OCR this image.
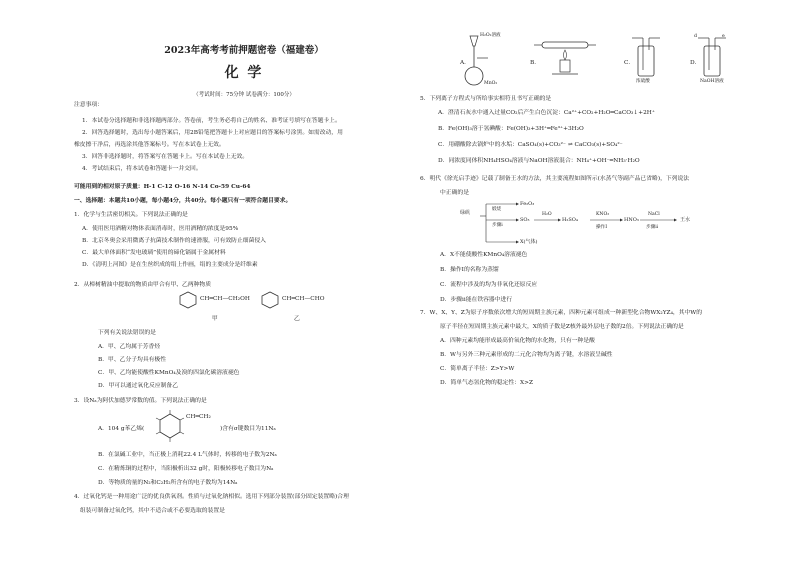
2023年高考考前押题密卷（福建卷）
化 学
（考试时间：75分钟 试卷满分：100分）
注意事项：
1．本试卷分选择题和非选择题两部分。答卷前，考生务必将自己的姓名、准考证号填写在答题卡上。
2．回答选择题时，选出每小题答案后，用2B铅笔把答题卡上对应题目的答案标号涂黑。如需改动，用
橡皮擦干净后，再选涂其他答案标号。写在本试卷上无效。
3．回答非选择题时，将答案写在答题卡上。写在本试卷上无效。
4．考试结束后，将本试卷和答题卡一并交回。
可能用到的相对原子质量：H-1 C-12 O-16 N-14 Co-59 Cu-64
一、选择题：本题共10小题，每小题4分，共40分。每小题只有一项符合题目要求。
1．化学与生活密切相关。下列说法正确的是
A．使用医用酒精对物体表面消毒时，医用酒精的浓度是95%
B．北京冬奥会采用微离子抗菌技术制作的速滑服，可有效防止细菌侵入
C．最大单体面积“发电玻璃”使用的碲化镉属于金属材料
D．《清明上河图》是在生丝织成的绢上作画，绢的主要成分是纤维素
2．从樟树精油中提取的物质由甲合有甲、乙两种物质
CH═CH—CH₂OH	CH═CH—CHO
甲	乙
下列有关说法错误的是
A．甲、乙均属于芳香烃
B．甲、乙分子均具有极性
C．甲、乙均能使酸性KMnO₄及溴的四氯化碳溶液褪色
D．甲可以通过氧化反应制备乙
3．设Nₐ为阿伏加德罗常数的值。下列说法正确的是
A．104 g苯乙烯(
CH═CH₂
)含有σ键数目为11Nₐ
B．在氯碱工业中，当正极上消耗22.4 L气体时，转移的电子数为2Nₐ
C．在精炼铜的过程中，当阳极析出32 g时，阳极转移电子数目为Nₐ
D．等物质的量的N₂和C₂H₂所含有的电子数均为14Nₐ
4．过氧化钙是一种用途广泛的优良供氧剂。性质与过氧化钠相似。选用下列部分装置(部分固定装置略)合理
组装可制备过氧化钙，其中不适合或不必要选取的装置是
A．	B．	C．	D．
H₂O₂溶液
MnO₂	浓硫酸	NaOH溶液
d	e
5．下列离子方程式与所给事实相符且书写正确的是
A．澄清石灰水中通入过量CO₂后产生白色沉淀：Ca²⁺+CO₂+H₂O═CaCO₃↓+2H⁺
B．Fe(OH)₃溶于氢碘酸：Fe(OH)₃+3H⁺═Fe³⁺+3H₂O
C．用硼酸除去锅炉中的水垢：CaSO₄(s)+CO₃²⁻ ⇌ CaCO₃(s)+SO₄²⁻
D．同浓度同体积NH₄HSO₄溶液与NaOH溶液混合：NH₄⁺+OH⁻═NH₃·H₂O
6．明代《徐光启手迹》记载了制备王水的方法，其主要流程如图所示(水蒸气等副产品已省略)，下列说法
中正确的是
绿矾
煅烧
步骤i
Fe₂O₃
SO₃
H₂O
H₂SO₄
KNO₃
操作I
HNO₃
NaCl
步骤ii
王水
X(气体)
A．X不能使酸性KMnO₄溶液褪色
B．操作I的名称为蒸馏
C．流程中涉及的均为非氧化还原反应
D．步骤ii能在铁容器中进行
7．W、X、Y、Z为原子序数依次增大的短周期主族元素，四种元素可组成一种新型化合物WX₂YZ₄，其中W的
原子半径在短周期主族元素中最大，X的质子数是Z核外最外层电子数的2倍。下列说法正确的是
A．四种元素均能形成最高价氧化物的水化物，只有一种是酸
B．W与另外三种元素形成的二元化合物均为离子键，水溶液呈碱性
C．简单离子半径：Z>Y>W
D．简单气态氢化物的稳定性：X>Z
